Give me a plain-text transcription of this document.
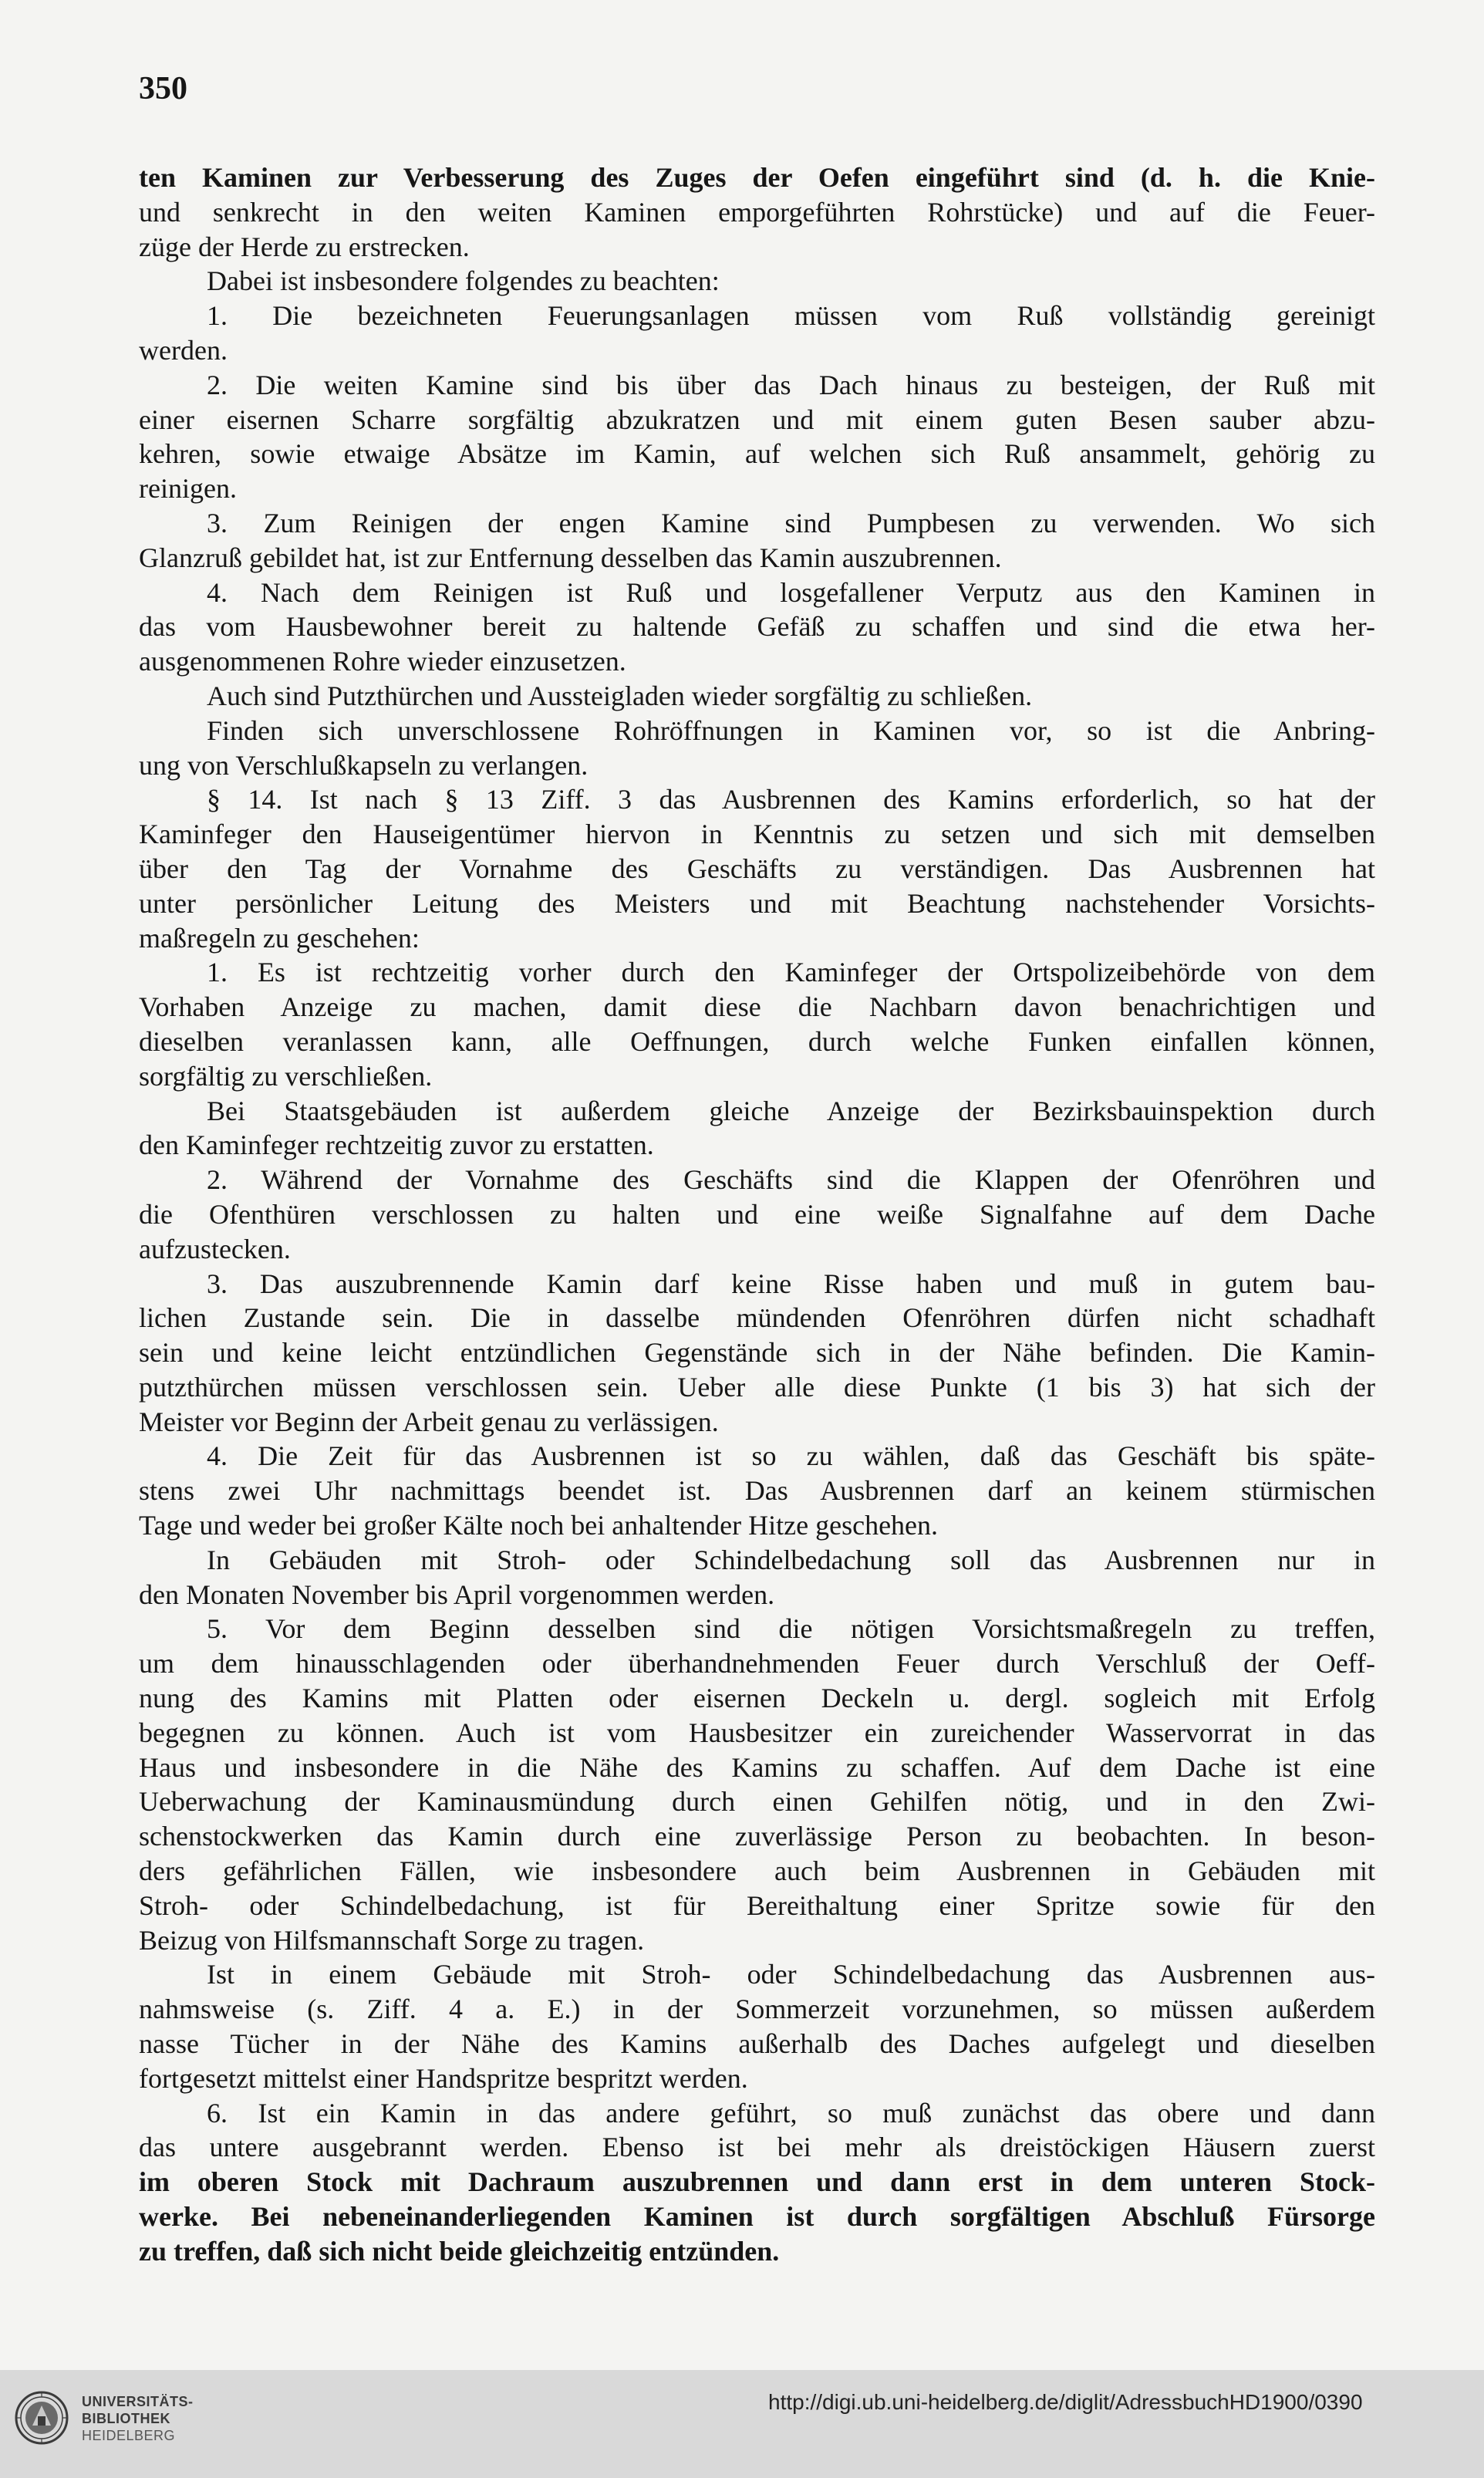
350
ten Kaminen zur Verbesserung des Zuges der Oefen eingeführt sind (d. h. die Knie-
und senkrecht in den weiten Kaminen emporgeführten Rohrstücke) und auf die Feuer-
züge der Herde zu erstrecken.
Dabei ist insbesondere folgendes zu beachten:
1. Die bezeichneten Feuerungsanlagen müssen vom Ruß vollständig gereinigt
werden.
2. Die weiten Kamine sind bis über das Dach hinaus zu besteigen, der Ruß mit
einer eisernen Scharre sorgfältig abzukratzen und mit einem guten Besen sauber abzu-
kehren, sowie etwaige Absätze im Kamin, auf welchen sich Ruß ansammelt, gehörig zu
reinigen.
3. Zum Reinigen der engen Kamine sind Pumpbesen zu verwenden. Wo sich
Glanzruß gebildet hat, ist zur Entfernung desselben das Kamin auszubrennen.
4. Nach dem Reinigen ist Ruß und losgefallener Verputz aus den Kaminen in
das vom Hausbewohner bereit zu haltende Gefäß zu schaffen und sind die etwa her-
ausgenommenen Rohre wieder einzusetzen.
Auch sind Putzthürchen und Aussteigladen wieder sorgfältig zu schließen.
Finden sich unverschlossene Rohröffnungen in Kaminen vor, so ist die Anbring-
ung von Verschlußkapseln zu verlangen.
§ 14. Ist nach § 13 Ziff. 3 das Ausbrennen des Kamins erforderlich, so hat der
Kaminfeger den Hauseigentümer hiervon in Kenntnis zu setzen und sich mit demselben
über den Tag der Vornahme des Geschäfts zu verständigen. Das Ausbrennen hat
unter persönlicher Leitung des Meisters und mit Beachtung nachstehender Vorsichts-
maßregeln zu geschehen:
1. Es ist rechtzeitig vorher durch den Kaminfeger der Ortspolizeibehörde von dem
Vorhaben Anzeige zu machen, damit diese die Nachbarn davon benachrichtigen und
dieselben veranlassen kann, alle Oeffnungen, durch welche Funken einfallen können,
sorgfältig zu verschließen.
Bei Staatsgebäuden ist außerdem gleiche Anzeige der Bezirksbauinspektion durch
den Kaminfeger rechtzeitig zuvor zu erstatten.
2. Während der Vornahme des Geschäfts sind die Klappen der Ofenröhren und
die Ofenthüren verschlossen zu halten und eine weiße Signalfahne auf dem Dache
aufzustecken.
3. Das auszubrennende Kamin darf keine Risse haben und muß in gutem bau-
lichen Zustande sein. Die in dasselbe mündenden Ofenröhren dürfen nicht schadhaft
sein und keine leicht entzündlichen Gegenstände sich in der Nähe befinden. Die Kamin-
putzthürchen müssen verschlossen sein. Ueber alle diese Punkte (1 bis 3) hat sich der
Meister vor Beginn der Arbeit genau zu verlässigen.
4. Die Zeit für das Ausbrennen ist so zu wählen, daß das Geschäft bis späte-
stens zwei Uhr nachmittags beendet ist. Das Ausbrennen darf an keinem stürmischen
Tage und weder bei großer Kälte noch bei anhaltender Hitze geschehen.
In Gebäuden mit Stroh- oder Schindelbedachung soll das Ausbrennen nur in
den Monaten November bis April vorgenommen werden.
5. Vor dem Beginn desselben sind die nötigen Vorsichtsmaßregeln zu treffen,
um dem hinausschlagenden oder überhandnehmenden Feuer durch Verschluß der Oeff-
nung des Kamins mit Platten oder eisernen Deckeln u. dergl. sogleich mit Erfolg
begegnen zu können. Auch ist vom Hausbesitzer ein zureichender Wasservorrat in das
Haus und insbesondere in die Nähe des Kamins zu schaffen. Auf dem Dache ist eine
Ueberwachung der Kaminausmündung durch einen Gehilfen nötig, und in den Zwi-
schenstockwerken das Kamin durch eine zuverlässige Person zu beobachten. In beson-
ders gefährlichen Fällen, wie insbesondere auch beim Ausbrennen in Gebäuden mit
Stroh- oder Schindelbedachung, ist für Bereithaltung einer Spritze sowie für den
Beizug von Hilfsmannschaft Sorge zu tragen.
Ist in einem Gebäude mit Stroh- oder Schindelbedachung das Ausbrennen aus-
nahmsweise (s. Ziff. 4 a. E.) in der Sommerzeit vorzunehmen, so müssen außerdem
nasse Tücher in der Nähe des Kamins außerhalb des Daches aufgelegt und dieselben
fortgesetzt mittelst einer Handspritze bespritzt werden.
6. Ist ein Kamin in das andere geführt, so muß zunächst das obere und dann
das untere ausgebrannt werden. Ebenso ist bei mehr als dreistöckigen Häusern zuerst
im oberen Stock mit Dachraum auszubrennen und dann erst in dem unteren Stock-
werke. Bei nebeneinanderliegenden Kaminen ist durch sorgfältigen Abschluß Fürsorge
zu treffen, daß sich nicht beide gleichzeitig entzünden.
UNIVERSITÄTS-
BIBLIOTHEK
HEIDELBERG
http://digi.ub.uni-heidelberg.de/diglit/AdressbuchHD1900/0390
